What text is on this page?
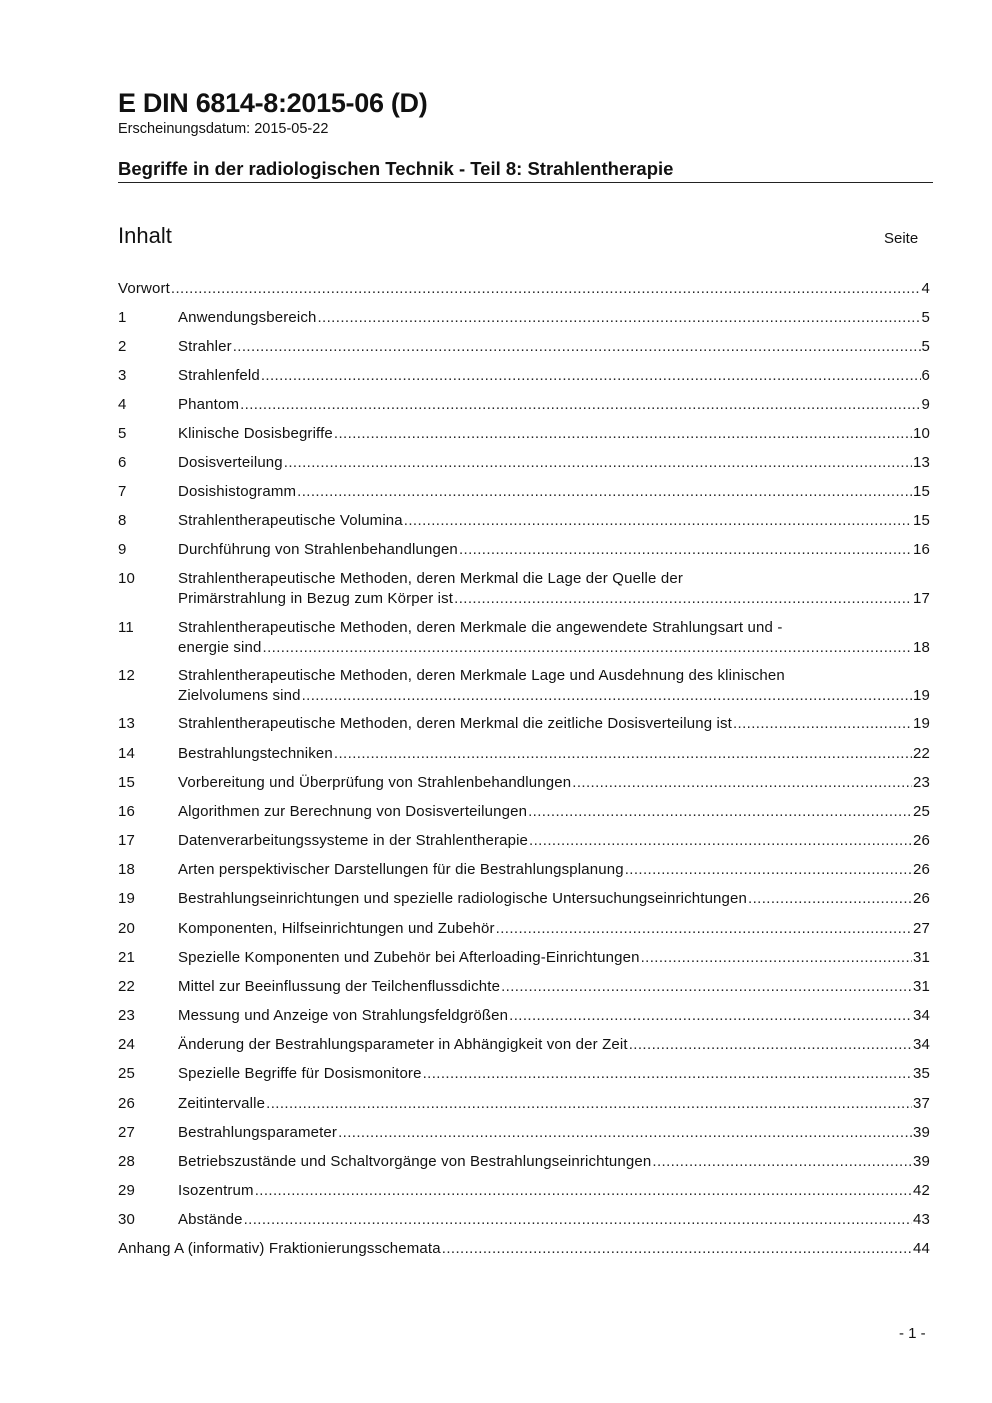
E DIN 6814-8:2015-06 (D)
Erscheinungsdatum: 2015-05-22
Begriffe in der radiologischen Technik - Teil 8: Strahlentherapie
Inhalt	Seite
Vorwort .....	4
1	Anwendungsbereich .....	5
2	Strahler .....	5
3	Strahlenfeld .....	6
4	Phantom .....	9
5	Klinische Dosisbegriffe .....	10
6	Dosisverteilung .....	13
7	Dosishistogramm .....	15
8	Strahlentherapeutische Volumina .....	15
9	Durchführung von Strahlenbehandlungen .....	16
10	Strahlentherapeutische Methoden, deren Merkmal die Lage der Quelle der
Primärstrahlung in Bezug zum Körper ist .....	17
11	Strahlentherapeutische Methoden, deren Merkmale die angewendete Strahlungsart und -
energie sind .....	18
12	Strahlentherapeutische Methoden, deren Merkmale Lage und Ausdehnung des klinischen
Zielvolumens sind .....	19
13	Strahlentherapeutische Methoden, deren Merkmal die zeitliche Dosisverteilung ist .....	19
14	Bestrahlungstechniken .....	22
15	Vorbereitung und Überprüfung von Strahlenbehandlungen .....	23
16	Algorithmen zur Berechnung von Dosisverteilungen .....	25
17	Datenverarbeitungssysteme in der Strahlentherapie .....	26
18	Arten perspektivischer Darstellungen für die Bestrahlungsplanung .....	26
19	Bestrahlungseinrichtungen und spezielle radiologische Untersuchungseinrichtungen .....	26
20	Komponenten, Hilfseinrichtungen und Zubehör .....	27
21	Spezielle Komponenten und Zubehör bei Afterloading-Einrichtungen .....	31
22	Mittel zur Beeinflussung der Teilchenflussdichte .....	31
23	Messung und Anzeige von Strahlungsfeldgrößen .....	34
24	Änderung der Bestrahlungsparameter in Abhängigkeit von der Zeit .....	34
25	Spezielle Begriffe für Dosismonitore .....	35
26	Zeitintervalle .....	37
27	Bestrahlungsparameter .....	39
28	Betriebszustände und Schaltvorgänge von Bestrahlungseinrichtungen .....	39
29	Isozentrum .....	42
30	Abstände .....	43
Anhang A (informativ) Fraktionierungsschemata .....	44
- 1 -
